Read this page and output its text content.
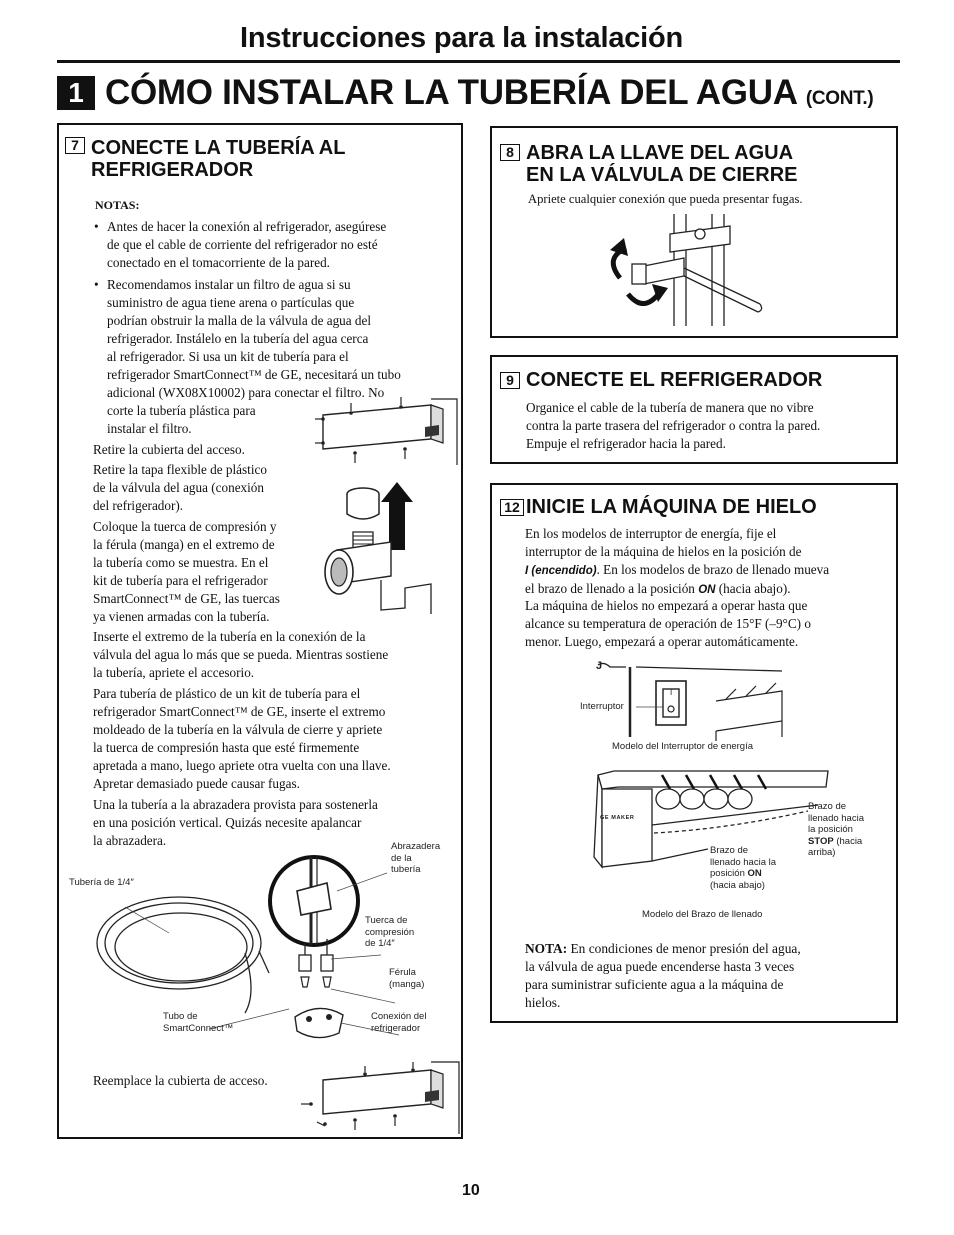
Instrucciones para la instalación
1 CÓMO INSTALAR LA TUBERÍA DEL AGUA (CONT.)
7 CONECTE LA TUBERÍA AL
REFRIGERADOR
NOTAS:
• Antes de hacer la conexión al refrigerador, asegúrese
de que el cable de corriente del refrigerador no esté
conectado en el tomacorriente de la pared.
• Recomendamos instalar un filtro de agua si su
suministro de agua tiene arena o partículas que
podrían obstruir la malla de la válvula de agua del
refrigerador. Instálelo en la tubería del agua cerca
al refrigerador. Si usa un kit de tubería para el
refrigerador SmartConnect™ de GE, necesitará un tubo
adicional (WX08X10002) para conectar el filtro. No
corte la tubería plástica para
instalar el filtro.
Retire la cubierta del acceso.
Retire la tapa flexible de plástico
de la válvula del agua (conexión
del refrigerador).
Coloque la tuerca de compresión y
la férula (manga) en el extremo de
la tubería como se muestra. En el
kit de tubería para el refrigerador
SmartConnect™ de GE, las tuercas
ya vienen armadas con la tubería.
Inserte el extremo de la tubería en la conexión de la
válvula del agua lo más que se pueda. Mientras sostiene
la tubería, apriete el accesorio.
Para tubería de plástico de un kit de tubería para el
refrigerador SmartConnect™ de GE, inserte el extremo
moldeado de la tubería en la válvula de cierre y apriete
la tuerca de compresión hasta que esté firmemente
apretada a mano, luego apriete otra vuelta con una llave.
Apretar demasiado puede causar fugas.
Una la tubería a la abrazadera provista para sostenerla
en una posición vertical. Quizás necesite apalancar
la abrazadera.
Tubería de 1/4″
Abrazadera
de la
tubería
Tuerca de
compresión
de 1/4″
Férula
(manga)
Tubo de
SmartConnect™
Conexión del
refrigerador
Reemplace la cubierta de acceso.
8 ABRA LA LLAVE DEL AGUA
EN LA VÁLVULA DE CIERRE
Apriete cualquier conexión que pueda presentar fugas.
9 CONECTE EL REFRIGERADOR
Organice el cable de la tubería de manera que no vibre
contra la parte trasera del refrigerador o contra la pared.
Empuje el refrigerador hacia la pared.
12 INICIE LA MÁQUINA DE HIELO
En los modelos de interruptor de energía, fije el
interruptor de la máquina de hielos en la posición de
I (encendido). En los modelos de brazo de llenado mueva
el brazo de llenado a la posición ON (hacia abajo).
La máquina de hielos no empezará a operar hasta que
alcance su temperatura de operación de 15°F (–9°C) o
menor. Luego, empezará a operar automáticamente.
J
I
Interruptor
Modelo del Interruptor de energía
GE MAKER
Brazo de
llenado hacia
la posición
STOP (hacia
arriba)
Brazo de
llenado hacia la
posición ON
(hacia abajo)
Modelo del Brazo de llenado
NOTA: En condiciones de menor presión del agua,
la válvula de agua puede encenderse hasta 3 veces
para suministrar suficiente agua a la máquina de
hielos.
10
